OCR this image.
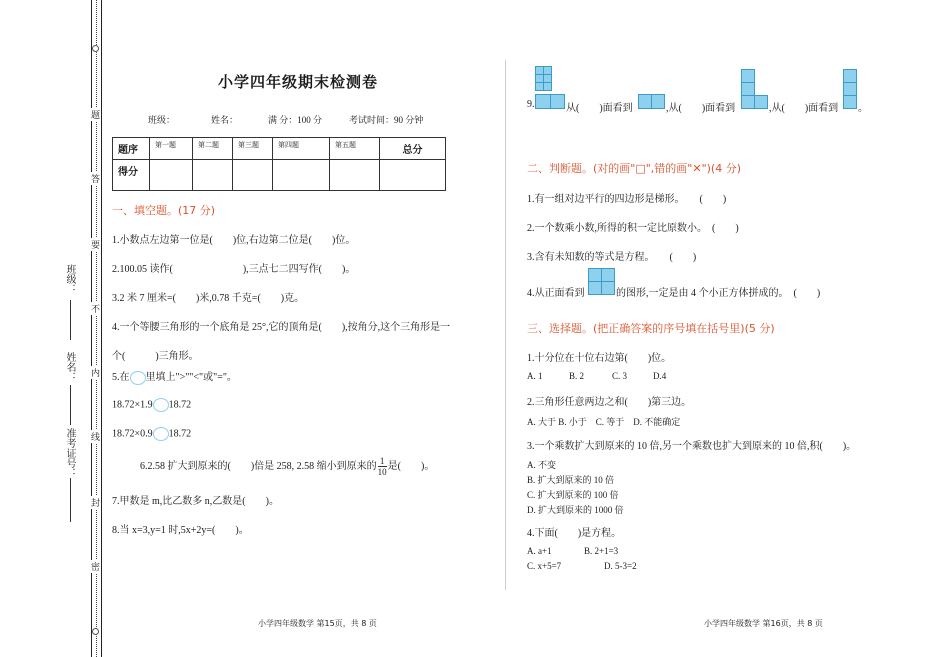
题
答
要
不
内
线
封
密
班级：
姓名：
准考证号：
小学四年级期末检测卷
班级：	姓名：	满 分：100 分	考试时间：90 分钟
题序	第一题	第二题	第三题	第四题	第五题	总分
得分						
一、填空题。(17 分)
1.小数点左边第一位是(　　)位,右边第二位是(　　)位。
2.100.05 读作(　　　　　　　),三点七二四写作(　　)。
3.2 米 7 厘米=(　　)米,0.78 千克=(　　)克。
4.一个等腰三角形的一个底角是 25°,它的顶角是(　　),按角分,这个三角形是一
个(　　　)三角形。
5.在 里填上">""<"或"="。
18.72×1.9 18.72
18.72×0.9 18.72
6.2.58 扩大到原来的(　　)倍是 258, 2.58 缩小到原来的 $\frac{1}{10}$ 是(　　)。
7.甲数是 m,比乙数多 n,乙数是(　　)。
8.当 x=3,y=1 时,5x+2y=(　　)。
小学四年级数学 第15页，共 8 页
9.	从(　　)面看到	,从(　　)面看到	,从(　　)面看到 。
二、判断题。(对的画"□",错的画"✕")(4 分)
1.有一组对边平行的四边形是梯形。　　(　　)
2.一个数乘小数,所得的积一定比原数小。　(　　)
3.含有未知数的等式是方程。　　(　　)
4.从正面看到	的图形,一定是由 4 个小正方体拼成的。　(　　)
三、选择题。(把正确答案的序号填在括号里)(5 分)
1.十分位在十位右边第(　　)位。
A. 1	B. 2	C. 3	D.4
2.三角形任意两边之和(　　)第三边。
A. 大于 B. 小于　C. 等于　D. 不能确定
3.一个乘数扩大到原来的 10 倍,另一个乘数也扩大到原来的 10 倍,积(　　)。
A. 不变
B. 扩大到原来的 10 倍
C. 扩大到原来的 100 倍
D. 扩大到原来的 1000 倍
4.下面(　　)是方程。
A. a+1	B. 2+1=3
C. x+5=7	D. 5-3=2
小学四年级数学 第16页，共 8 页
